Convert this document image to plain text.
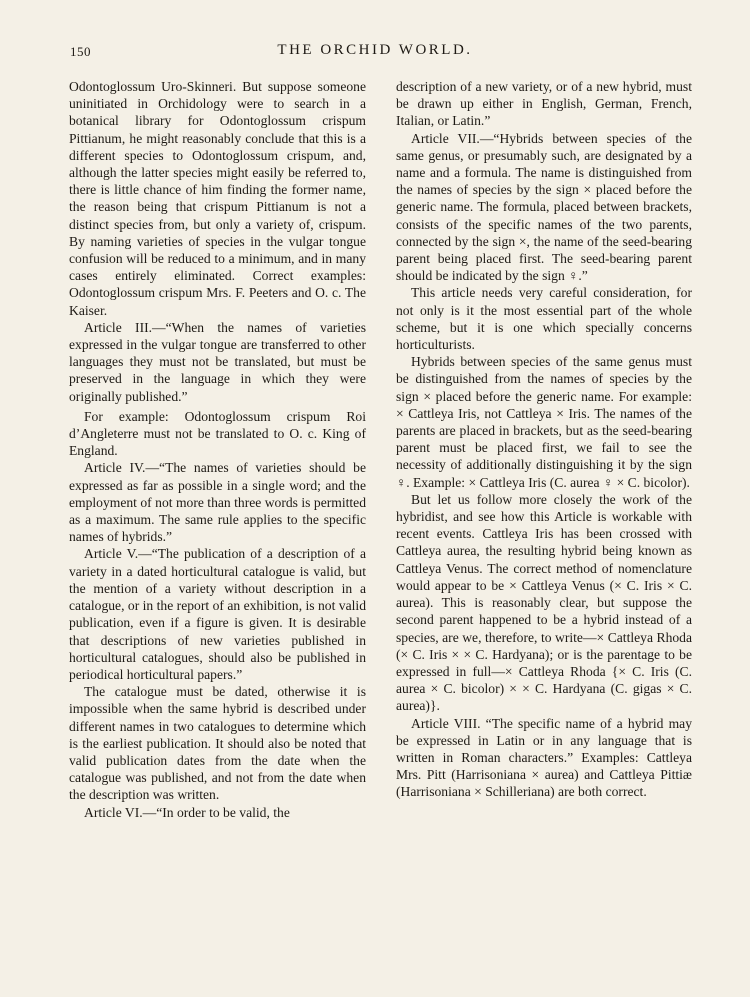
150	THE ORCHID WORLD.

Odontoglossum Uro-Skinneri. But suppose someone uninitiated in Orchidology were to search in a botanical library for Odontoglossum crispum Pittianum, he might reasonably conclude that this is a different species to Odontoglossum crispum, and, although the latter species might easily be referred to, there is little chance of him finding the former name, the reason being that crispum Pittianum is not a distinct species from, but only a variety of, crispum. By naming varieties of species in the vulgar tongue confusion will be reduced to a minimum, and in many cases entirely eliminated. Correct examples: Odontoglossum crispum Mrs. F. Peeters and O. c. The Kaiser.

Article III.—“When the names of varieties expressed in the vulgar tongue are transferred to other languages they must not be translated, but must be preserved in the language in which they were originally published.”

For example: Odontoglossum crispum Roi d’Angleterre must not be translated to O. c. King of England.

Article IV.—“The names of varieties should be expressed as far as possible in a single word; and the employment of not more than three words is permitted as a maximum. The same rule applies to the specific names of hybrids.”

Article V.—“The publication of a description of a variety in a dated horticultural catalogue is valid, but the mention of a variety without description in a catalogue, or in the report of an exhibition, is not valid publication, even if a figure is given. It is desirable that descriptions of new varieties published in horticultural catalogues, should also be published in periodical horticultural papers.”

The catalogue must be dated, otherwise it is impossible when the same hybrid is described under different names in two catalogues to determine which is the earliest publication. It should also be noted that valid publication dates from the date when the catalogue was published, and not from the date when the description was written.

Article VI.—“In order to be valid, the

description of a new variety, or of a new hybrid, must be drawn up either in English, German, French, Italian, or Latin.”

Article VII.—“Hybrids between species of the same genus, or presumably such, are designated by a name and a formula. The name is distinguished from the names of species by the sign × placed before the generic name. The formula, placed between brackets, consists of the specific names of the two parents, connected by the sign ×, the name of the seed-bearing parent being placed first. The seed-bearing parent should be indicated by the sign ♀.”

This article needs very careful consideration, for not only is it the most essential part of the whole scheme, but it is one which specially concerns horticulturists.

Hybrids between species of the same genus must be distinguished from the names of species by the sign × placed before the generic name. For example: × Cattleya Iris, not Cattleya × Iris. The names of the parents are placed in brackets, but as the seed-bearing parent must be placed first, we fail to see the necessity of additionally distinguishing it by the sign ♀. Example: × Cattleya Iris (C. aurea ♀ × C. bicolor).

But let us follow more closely the work of the hybridist, and see how this Article is workable with recent events. Cattleya Iris has been crossed with Cattleya aurea, the resulting hybrid being known as Cattleya Venus. The correct method of nomenclature would appear to be × Cattleya Venus (× C. Iris × C. aurea). This is reasonably clear, but suppose the second parent happened to be a hybrid instead of a species, are we, therefore, to write—× Cattleya Rhoda (× C. Iris × × C. Hardyana); or is the parentage to be expressed in full—× Cattleya Rhoda {× C. Iris (C. aurea × C. bicolor) × × C. Hardyana (C. gigas × C. aurea)}.

Article VIII. “The specific name of a hybrid may be expressed in Latin or in any language that is written in Roman characters.” Examples: Cattleya Mrs. Pitt (Harrisoniana × aurea) and Cattleya Pittiæ (Harrisoniana × Schilleriana) are both correct.
